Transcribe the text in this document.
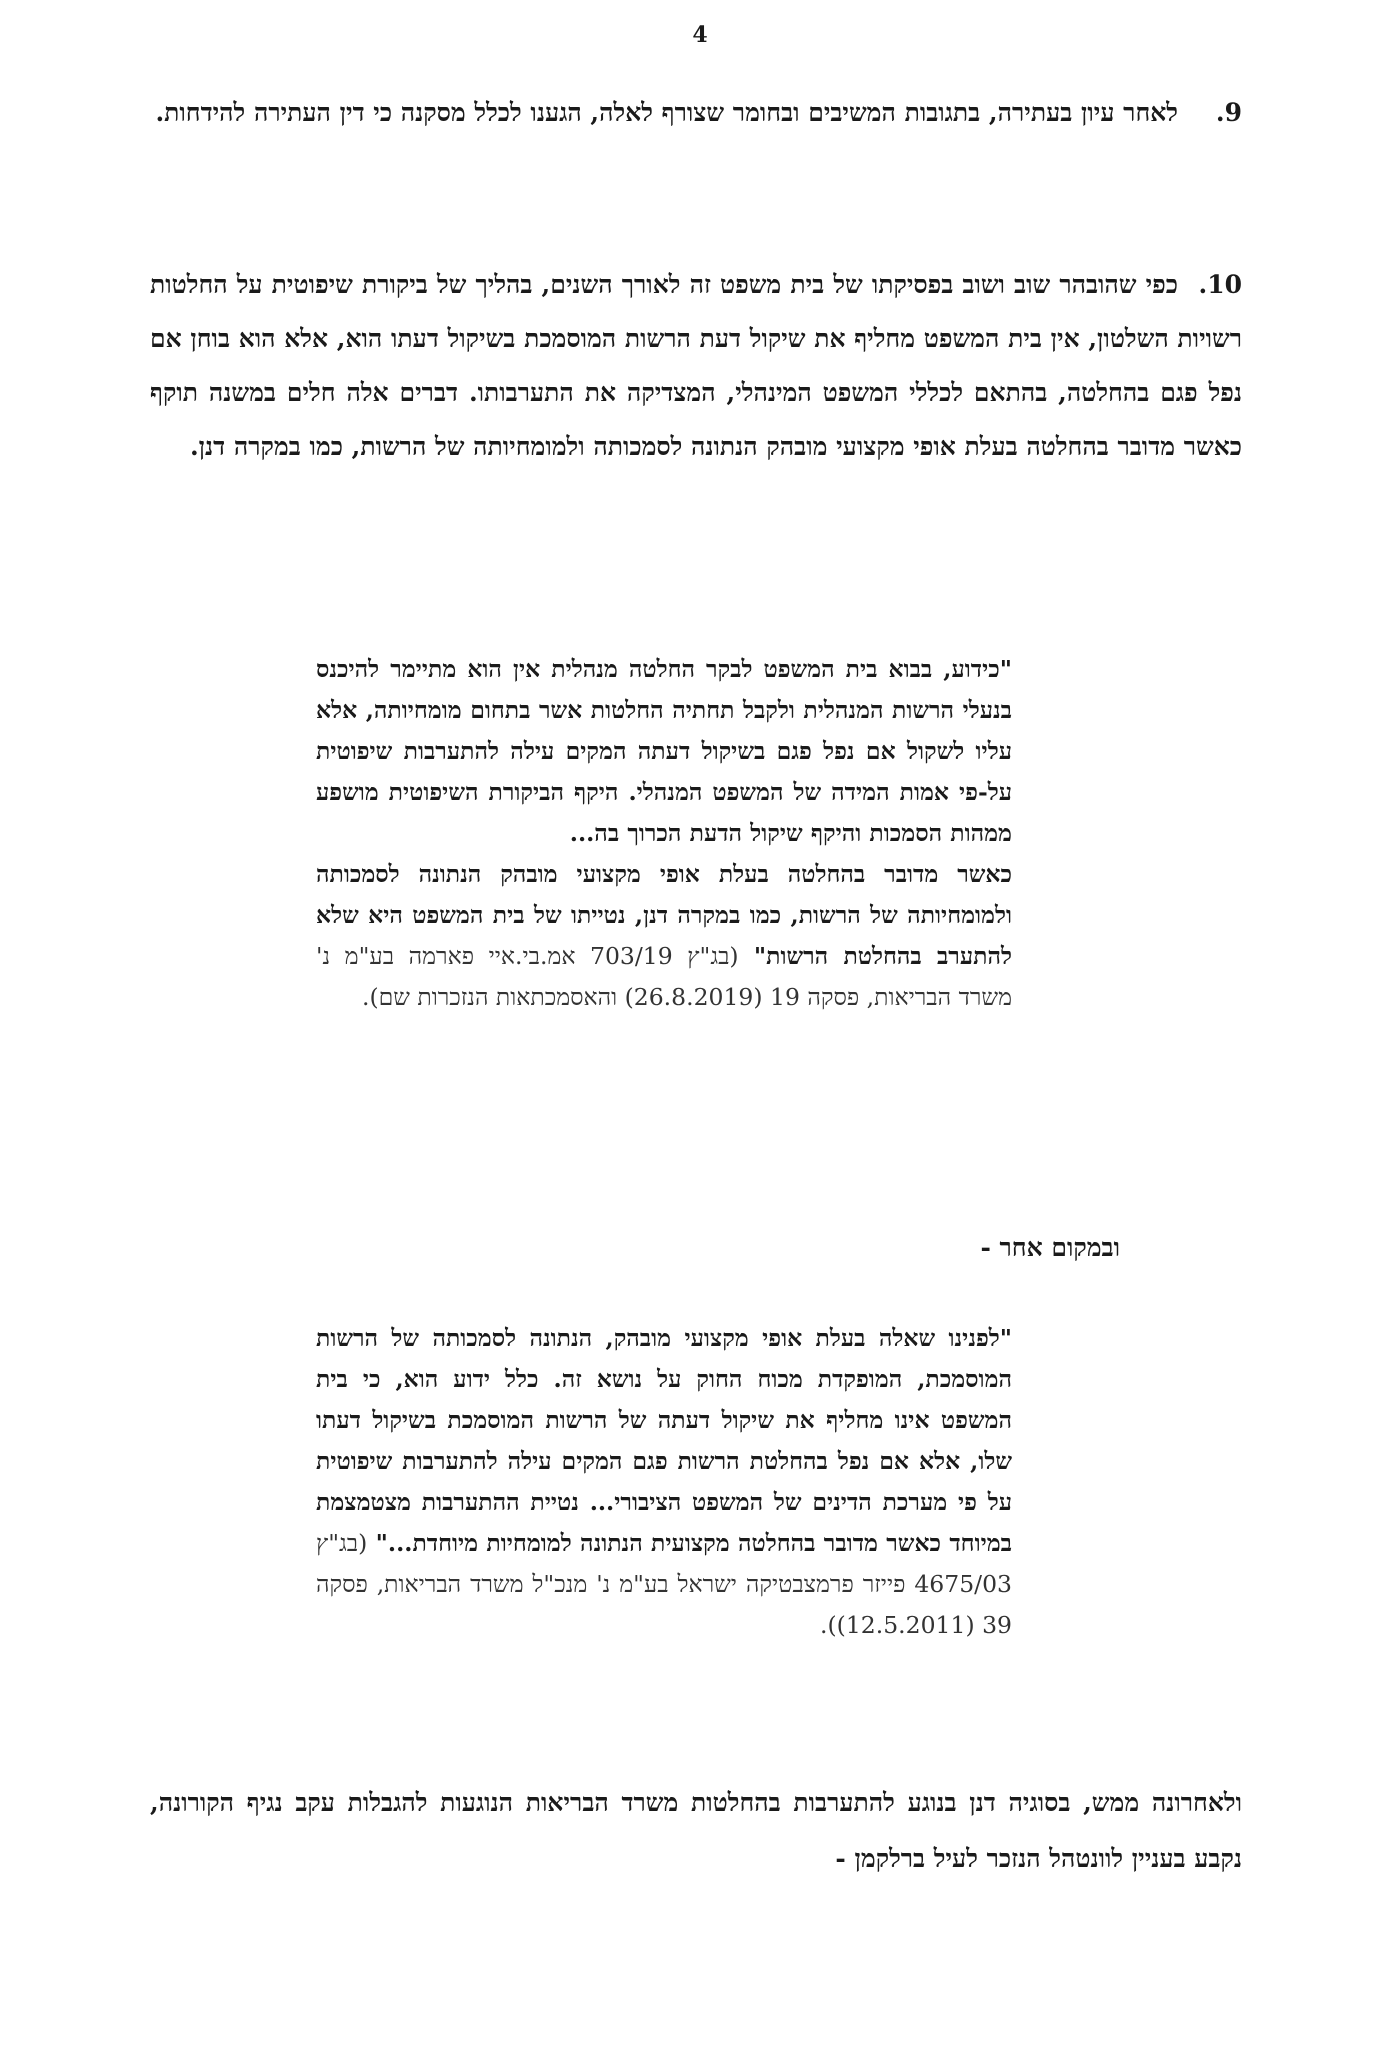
4
9.לאחר עיון בעתירה, בתגובות המשיבים ובחומר שצורף לאלה, הגענו לכלל מסקנה כי דין העתירה להידחות.
10.כפי שהובהר שוב ושוב בפסיקתו של בית משפט זה לאורך השנים, בהליך של ביקורת שיפוטית על החלטות רשויות השלטון, אין בית המשפט מחליף את שיקול דעת הרשות המוסמכת בשיקול דעתו הוא, אלא הוא בוחן אם נפל פגם בהחלטה, בהתאם לכללי המשפט המינהלי, המצדיקה את התערבותו. דברים אלה חלים במשנה תוקף כאשר מדובר בהחלטה בעלת אופי מקצועי מובהק הנתונה לסמכותה ולמומחיותה של הרשות, כמו במקרה דנן.

"כידוע, בבוא בית המשפט לבקר החלטה מנהלית אין הוא מתיימר להיכנס בנעלי הרשות המנהלית ולקבל תחתיה החלטות אשר בתחום מומחיותה, אלא עליו לשקול אם נפל פגם בשיקול דעתה המקים עילה להתערבות שיפוטית על-פי אמות המידה של המשפט המנהלי. היקף הביקורת השיפוטית מושפע ממהות הסמכות והיקף שיקול הדעת הכרוך בה...

כאשר מדובר בהחלטה בעלת אופי מקצועי מובהק הנתונה לסמכותה ולמומחיותה של הרשות, כמו במקרה דנן, נטייתו של בית המשפט היא שלא להתערב בהחלטת הרשות" (בג"ץ 703/19 אמ.בי.איי פארמה בע"מ נ' משרד הבריאות, פסקה 19 (26.8.2019) והאסמכתאות הנזכרות שם).

ובמקום אחר -

"לפנינו שאלה בעלת אופי מקצועי מובהק, הנתונה לסמכותה של הרשות המוסמכת, המופקדת מכוח החוק על נושא זה. כלל ידוע הוא, כי בית המשפט אינו מחליף את שיקול דעתה של הרשות המוסמכת בשיקול דעתו שלו, אלא אם נפל בהחלטת הרשות פגם המקים עילה להתערבות שיפוטית על פי מערכת הדינים של המשפט הציבורי... נטיית ההתערבות מצטמצמת במיוחד כאשר מדובר בהחלטה מקצועית הנתונה למומחיות מיוחדת..." (בג"ץ 4675/03 פייזר פרמצבטיקה ישראל בע"מ נ' מנכ"ל משרד הבריאות, פסקה 39 (12.5.2011)).

ולאחרונה ממש, בסוגיה דנן בנוגע להתערבות בהחלטות משרד הבריאות הנוגעות להגבלות עקב נגיף הקורונה, נקבע בעניין לוונטהל הנזכר לעיל ברלקמן -
